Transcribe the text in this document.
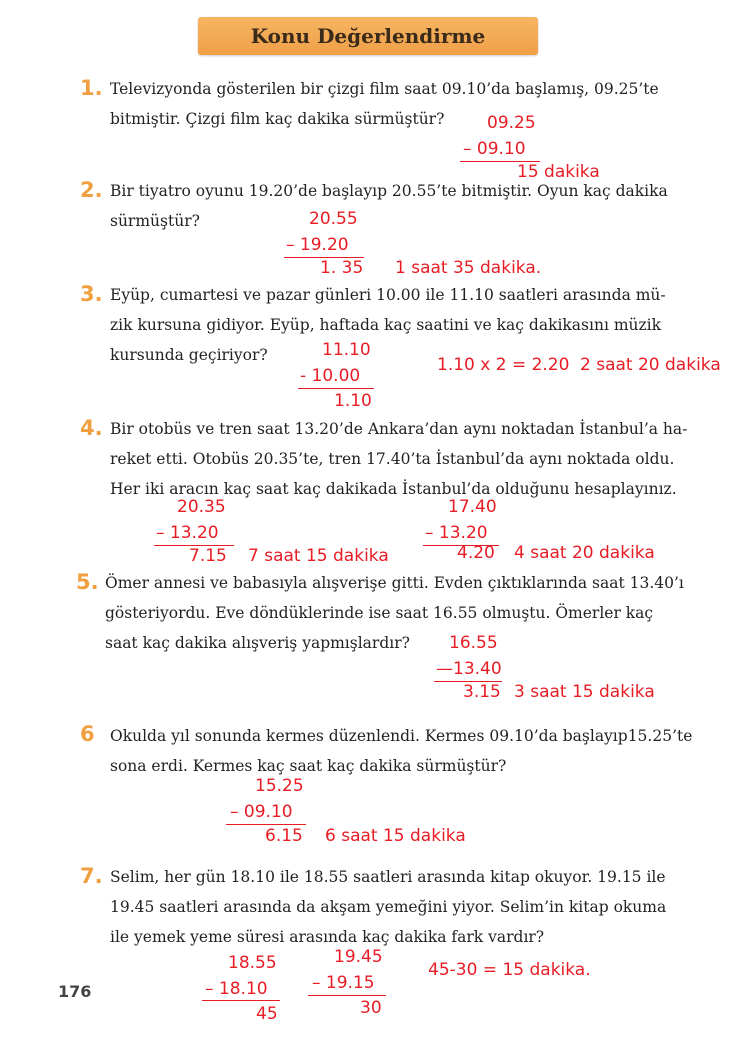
Konu Değerlendirme
1. Televizyonda gösterilen bir çizgi film saat 09.10’da başlamış, 09.25’te
bitmiştir. Çizgi film kaç dakika sürmüştür?	09.25
– 09.10
15 dakika
2. Bir tiyatro oyunu 19.20’de başlayıp 20.55’te bitmiştir. Oyun kaç dakika
sürmüştür?	20.55
– 19.20
1. 35 1 saat 35 dakika.
3. Eyüp, cumartesi ve pazar günleri 10.00 ile 11.10 saatleri arasında mü-
zik kursuna gidiyor. Eyüp, haftada kaç saatini ve kaç dakikasını müzik
kursunda geçiriyor?	11.10
- 10.00
1.10
1.10 x 2 = 2.20 2 saat 20 dakika
4. Bir otobüs ve tren saat 13.20’de Ankara’dan aynı noktadan İstanbul’a ha-
reket etti. Otobüs 20.35’te, tren 17.40’ta İstanbul’da aynı noktada oldu.
Her iki aracın kaç saat kaç dakikada İstanbul’da olduğunu hesaplayınız.
20.35
– 13.20
7.15 7 saat 15 dakika
17.40
– 13.20
4.20 4 saat 20 dakika
5. Ömer annesi ve babasıyla alışverişe gitti. Evden çıktıklarında saat 13.40’ı
gösteriyordu. Eve döndüklerinde ise saat 16.55 olmuştu. Ömerler kaç
saat kaç dakika alışveriş yapmışlardır?	16.55
—13.40
3.15 3 saat 15 dakika
6 Okulda yıl sonunda kermes düzenlendi. Kermes 09.10’da başlayıp15.25’te
sona erdi. Kermes kaç saat kaç dakika sürmüştür?
15.25
– 09.10
6.15 6 saat 15 dakika
7. Selim, her gün 18.10 ile 18.55 saatleri arasında kitap okuyor. 19.15 ile
19.45 saatleri arasında da akşam yemeğini yiyor. Selim’in kitap okuma
ile yemek yeme süresi arasında kaç dakika fark vardır?
18.55
– 18.10
45
19.45
– 19.15
30
45-30 = 15 dakika.
176
